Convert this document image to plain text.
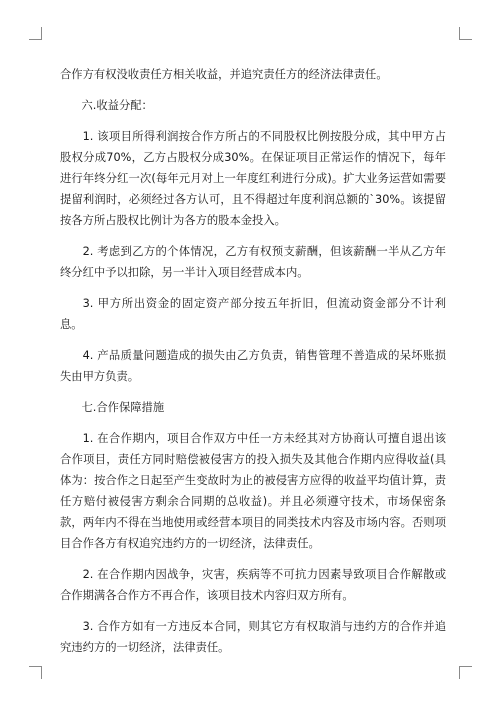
合作方有权没收责任方相关收益，并追究责任方的经济法律责任。

六.收益分配：

1. 该项目所得利润按合作方所占的不同股权比例按股分成，其中甲方占股权分成70%，乙方占股权分成30%。在保证项目正常运作的情况下，每年进行年终分红一次(每年元月对上一年度红利进行分成)。扩大业务运营如需要提留利润时，必须经过各方认可，且不得超过年度利润总额的`30%。该提留按各方所占股权比例计为各方的股本金投入。

2. 考虑到乙方的个体情况，乙方有权预支薪酬，但该薪酬一半从乙方年终分红中予以扣除，另一半计入项目经营成本内。

3. 甲方所出资金的固定资产部分按五年折旧，但流动资金部分不计利息。

4. 产品质量问题造成的损失由乙方负责，销售管理不善造成的呆坏账损失由甲方负责。

七.合作保障措施

1. 在合作期内，项目合作双方中任一方未经其对方协商认可擅自退出该合作项目，责任方同时赔偿被侵害方的投入损失及其他合作期内应得收益(具体为：按合作之日起至产生变故时为止的被侵害方应得的收益平均值计算，责任方赔付被侵害方剩余合同期的总收益)。并且必须遵守技术，市场保密条款，两年内不得在当地使用或经营本项目的同类技术内容及市场内容。否则项目合作各方有权追究违约方的一切经济，法律责任。

2. 在合作期内因战争，灾害，疾病等不可抗力因素导致项目合作解散或合作期满各合作方不再合作，该项目技术内容归双方所有。

3. 合作方如有一方违反本合同，则其它方有权取消与违约方的合作并追究违约方的一切经济，法律责任。
